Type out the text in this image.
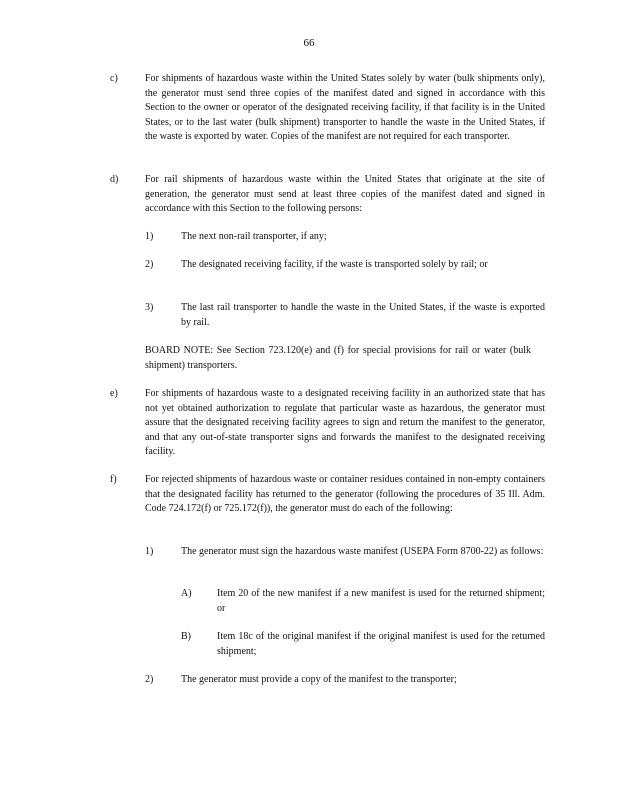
66
c)	For shipments of hazardous waste within the United States solely by water (bulk shipments only), the generator must send three copies of the manifest dated and signed in accordance with this Section to the owner or operator of the designated receiving facility, if that facility is in the United States, or to the last water (bulk shipment) transporter to handle the waste in the United States, if the waste is exported by water. Copies of the manifest are not required for each transporter.
d)	For rail shipments of hazardous waste within the United States that originate at the site of generation, the generator must send at least three copies of the manifest dated and signed in accordance with this Section to the following persons:
1)	The next non-rail transporter, if any;
2)	The designated receiving facility, if the waste is transported solely by rail; or
3)	The last rail transporter to handle the waste in the United States, if the waste is exported by rail.
BOARD NOTE: See Section 723.120(e) and (f) for special provisions for rail or water (bulk shipment) transporters.
e)	For shipments of hazardous waste to a designated receiving facility in an authorized state that has not yet obtained authorization to regulate that particular waste as hazardous, the generator must assure that the designated receiving facility agrees to sign and return the manifest to the generator, and that any out-of-state transporter signs and forwards the manifest to the designated receiving facility.
f)	For rejected shipments of hazardous waste or container residues contained in non-empty containers that the designated facility has returned to the generator (following the procedures of 35 Ill. Adm. Code 724.172(f) or 725.172(f)), the generator must do each of the following:
1)	The generator must sign the hazardous waste manifest (USEPA Form 8700-22) as follows:
A)	Item 20 of the new manifest if a new manifest is used for the returned shipment; or
B)	Item 18c of the original manifest if the original manifest is used for the returned shipment;
2)	The generator must provide a copy of the manifest to the transporter;
